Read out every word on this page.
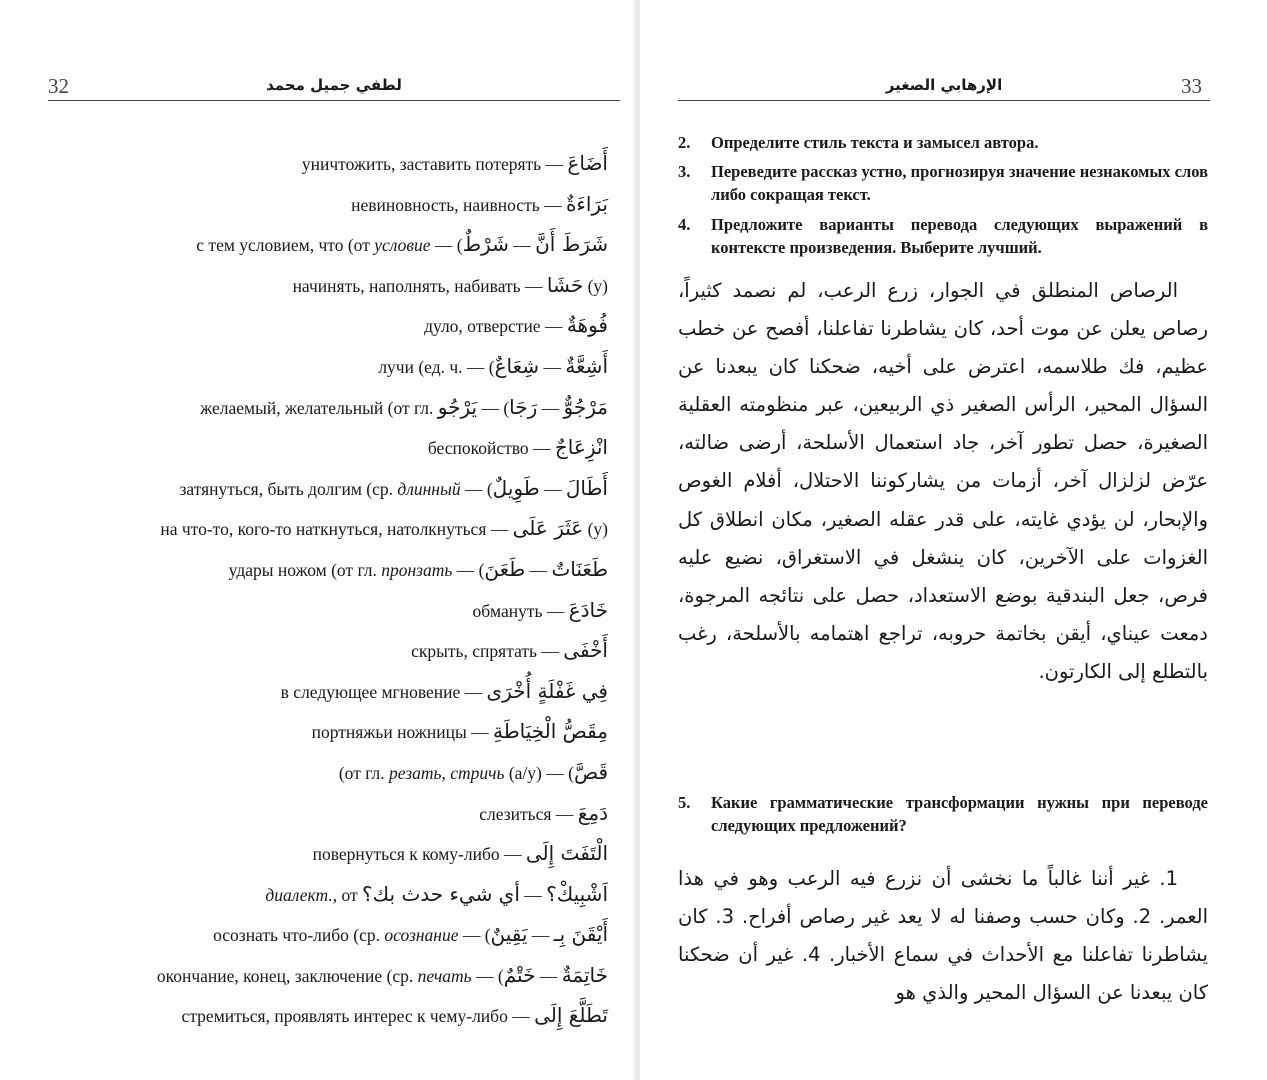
32	لطفي جميل محمد
уничтожить, заставить потерять — أَضَاعَ
невиновность, наивность — بَرَاءَةٌ
с тем условием, что (от условие — (شَرْطٌ — شَرَطَ أَنَّ
начинять, наполнять, набивать — حَشَا (у)
дуло, отверстие — فُوهَةٌ
лучи (ед. ч. — (شِعَاعٌ — أَشِعَّةٌ
желаемый, желательный (от гл. يَرْجُو — (رَجَا — مَرْجُوٌّ
беспокойство — انْزِعَاجٌ
затянуться, быть долгим (ср. длинный — (طَوِيلٌ — أَطَالَ
на что-то, кого-то наткнуться, натолкнуться — عَثَرَ عَلَى (у)
удары ножом (от гл. пронзать — (طَعَنَ — طَعَنَاتٌ
обмануть — خَادَعَ
скрыть, спрятать — أَخْفَى
в следующее мгновение — فِي غَفْلَةٍ أُخْرَى
портняжьи ножницы — مِقَصُّ الْخِيَاطَةِ
(от гл. резать, стричь (а/у) — (قَصَّ
слезиться — دَمِعَ
повернуться к кому-либо — الْتَفَتَ إِلَى
диалект., от أي شيء حدث بك؟ — اَشْبِيكْ؟
осознать что-либо (ср. осознание — (يَقِينٌ — أَيْقَنَ بِـ
окончание, конец, заключение (ср. печать — (خَتْمٌ — خَاتِمَةٌ
стремиться, проявлять интерес к чему-либо — تَطَلَّعَ إِلَى
33
الإرهابي الصغير
2. Определите стиль текста и замысел автора.
3. Переведите рассказ устно, прогнозируя значение незнакомых слов либо сокращая текст.
4. Предложите варианты перевода следующих выражений в контексте произведения. Выберите лучший.
الرصاص المنطلق في الجوار، زرع الرعب، لم نصمد كثيراً، رصاص يعلن عن موت أحد، كان يشاطرنا تفاعلنا، أفصح عن خطب عظيم، فك طلاسمه، اعترض على أخيه، ضحكنا كان يبعدنا عن السؤال المحير، الرأس الصغير ذي الربيعين، عبر منظومته العقلية الصغيرة، حصل تطور آخر، جاد استعمال الأسلحة، أرضى ضالته، عرّض لزلزال آخر، أزمات من يشاركوننا الاحتلال، أفلام الغوص والإبحار، لن يؤدي غايته، على قدر عقله الصغير، مكان انطلاق كل الغزوات على الآخرين، كان ينشغل في الاستغراق، نضيع عليه فرص، جعل البندقية بوضع الاستعداد، حصل على نتائجه المرجوة، دمعت عيناي، أيقن بخاتمة حروبه، تراجع اهتمامه بالأسلحة، رغب بالتطلع إلى الكارتون.
5. Какие грамматические трансформации нужны при переводе следующих предложений?
1. غير أننا غالباً ما نخشى أن نزرع فيه الرعب وهو في هذا العمر. 2. وكان حسب وصفنا له لا يعد غير رصاص أفراح. 3. كان يشاطرنا تفاعلنا مع الأحداث في سماع الأخبار. 4. غير أن ضحكنا كان يبعدنا عن السؤال المحير والذي هو
